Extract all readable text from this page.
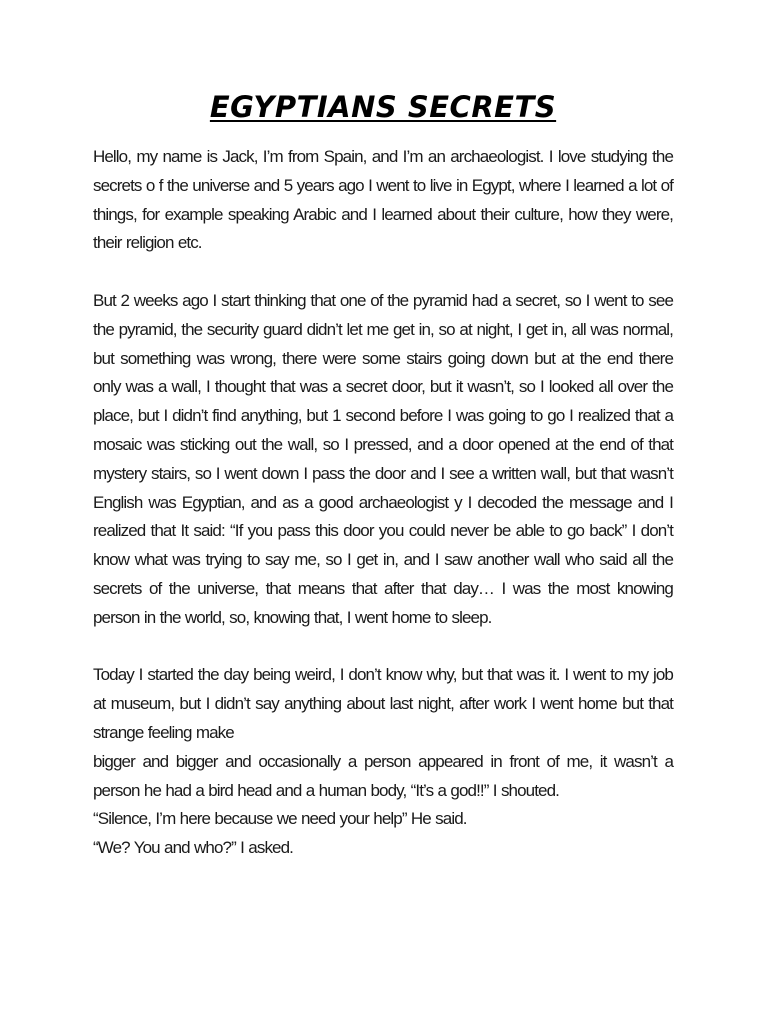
EGYPTIANS SECRETS

Hello, my name is Jack, I’m from Spain, and I’m an archaeologist. I love studying the secrets o f the universe and 5 years ago I went to live in Egypt, where I learned a lot of things, for example speaking Arabic and I learned about their culture, how they were, their religion etc.

But 2 weeks ago I start thinking that one of the pyramid had a secret, so I went to see the pyramid, the security guard didn’t let me get in, so at night, I get in, all was normal, but something was wrong, there were some stairs going down but at the end there only was a wall, I thought that was a secret door, but it wasn’t, so I looked all over the place, but I didn’t find anything, but 1 second before I was going to go I realized that a mosaic was sticking out the wall, so I pressed, and a door opened at the end of that mystery stairs, so I went down I pass the door and I see a written wall, but that wasn’t English was Egyptian, and as a good archaeologist y I decoded the message and I realized that It said: “If you pass this door you could never be able to go back” I don’t know what was trying to say me, so I get in, and I saw another wall who said all the secrets of the universe, that means that after that day… I was the most knowing person in the world, so, knowing that, I went home to sleep.

Today I started the day being weird, I don’t know why, but that was it. I went to my job at museum, but I didn’t say anything about last night, after work I went home but that strange feeling make

bigger and bigger and occasionally a person appeared in front of me, it wasn’t a person he had a bird head and a human body, “It’s a god!!” I shouted.

“Silence, I’m here because we need your help” He said.

“We? You and who?” I asked.
